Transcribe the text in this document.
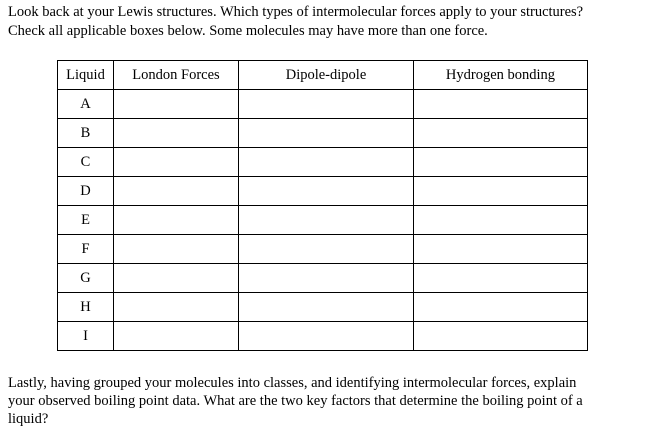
Look back at your Lewis structures. Which types of intermolecular forces apply to your structures?
Check all applicable boxes below. Some molecules may have more than one force.

Liquid	London Forces	Dipole-dipole	Hydrogen bonding
A			
B			
C			
D			
E			
F			
G			
H			
I			

Lastly, having grouped your molecules into classes, and identifying intermolecular forces, explain
your observed boiling point data. What are the two key factors that determine the boiling point of a
liquid?
